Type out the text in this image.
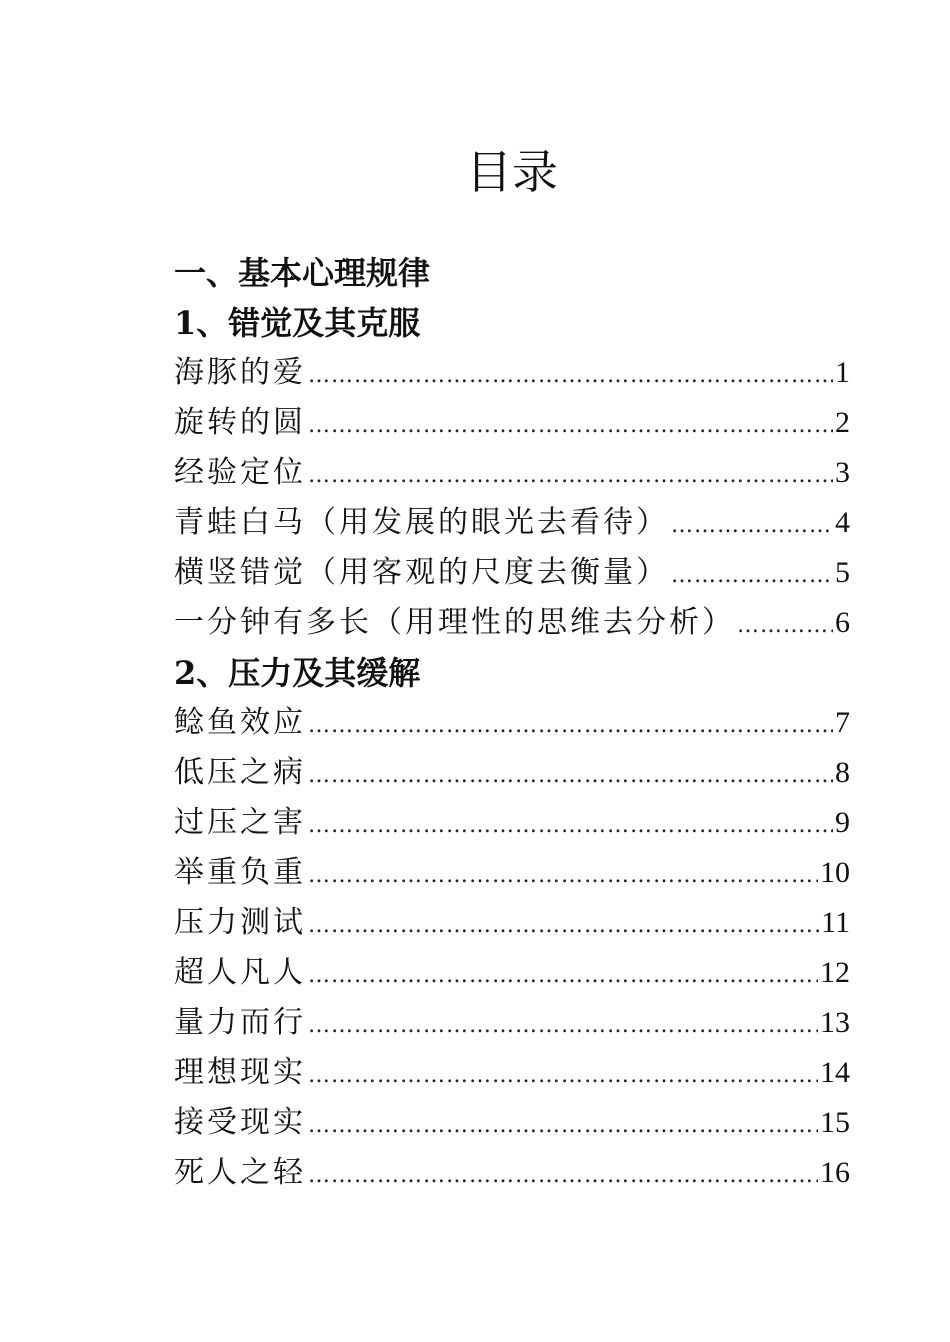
目录
一、基本心理规律
1、错觉及其克服
海豚的爱 …………………………………………………………………………………………………………………………	1
旋转的圆 …………………………………………………………………………………………………………………………	2
经验定位 …………………………………………………………………………………………………………………………	3
青蛙白马（用发展的眼光去看待） …………………………………………………………………………………………………………………………	4
横竖错觉（用客观的尺度去衡量） …………………………………………………………………………………………………………………………	5
一分钟有多长（用理性的思维去分析） …………………………………………………………………………………………………………………………	6
2、压力及其缓解
鲶鱼效应 …………………………………………………………………………………………………………………………	7
低压之病 …………………………………………………………………………………………………………………………	8
过压之害 …………………………………………………………………………………………………………………………	9
举重负重 …………………………………………………………………………………………………………………………	10
压力测试 …………………………………………………………………………………………………………………………	11
超人凡人 …………………………………………………………………………………………………………………………	12
量力而行 …………………………………………………………………………………………………………………………	13
理想现实 …………………………………………………………………………………………………………………………	14
接受现实 …………………………………………………………………………………………………………………………	15
死人之轻 …………………………………………………………………………………………………………………………	16
